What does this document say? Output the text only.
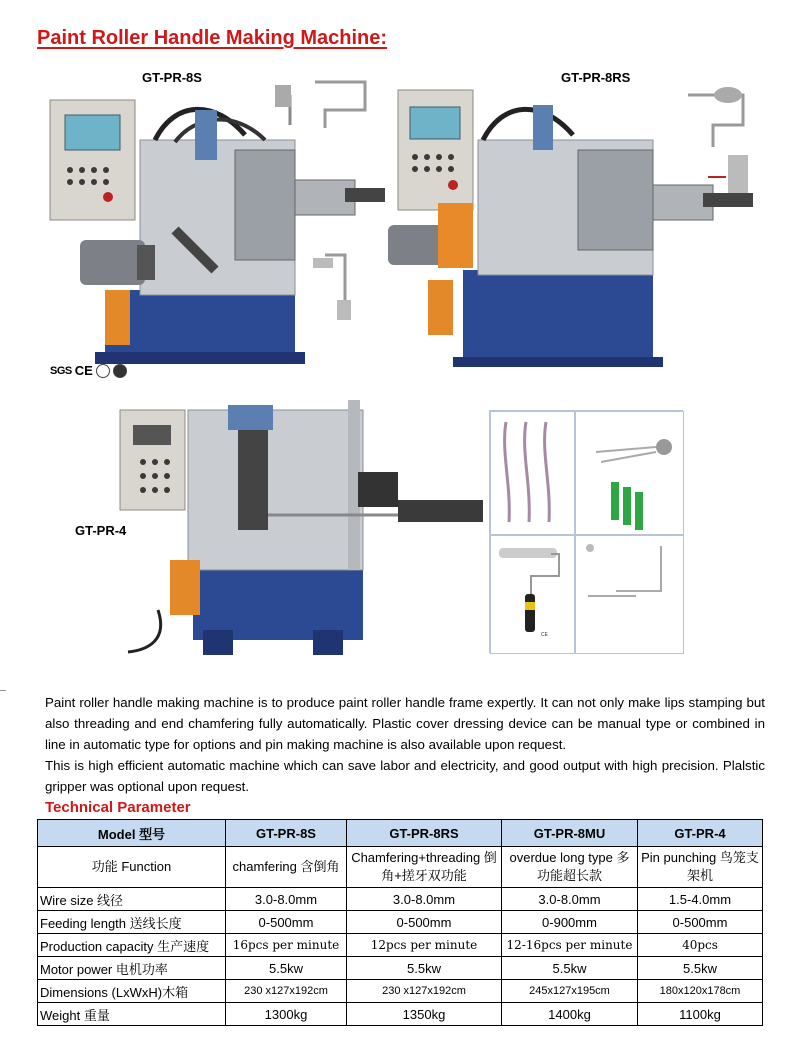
Paint Roller Handle Making Machine:
GT-PR-8S	GT-PR-8RS
SGS CE
GT-PR-4
CE

Paint roller handle making machine is to produce paint roller handle frame expertly. It can not only make lips stamping but also threading and end chamfering fully automatically. Plastic cover dressing device can be manual type or combined in line in automatic type for options and pin making machine is also available upon request.

This is high efficient automatic machine which can save labor and electricity, and good output with high precision. Plalstic gripper was optional upon request.

Technical Parameter
Model 型号	GT-PR-8S	GT-PR-8RS	GT-PR-8MU	GT-PR-4
功能 Function	chamfering 含倒角	Chamfering+threading 倒角+搓牙双功能	overdue long type 多功能超长款	Pin punching 鸟笼支架机
Wire size 线径	3.0-8.0mm	3.0-8.0mm	3.0-8.0mm	1.5-4.0mm
Feeding length 送线长度	0-500mm	0-500mm	0-900mm	0-500mm
Production capacity 生产速度	16pcs per minute	12pcs per minute	12-16pcs per minute	40pcs
Motor power 电机功率	5.5kw	5.5kw	5.5kw	5.5kw
Dimensions (LxWxH)木箱	230 x127x192cm	230 x127x192cm	245x127x195cm	180x120x178cm
Weight 重量	1300kg	1350kg	1400kg	1100kg
